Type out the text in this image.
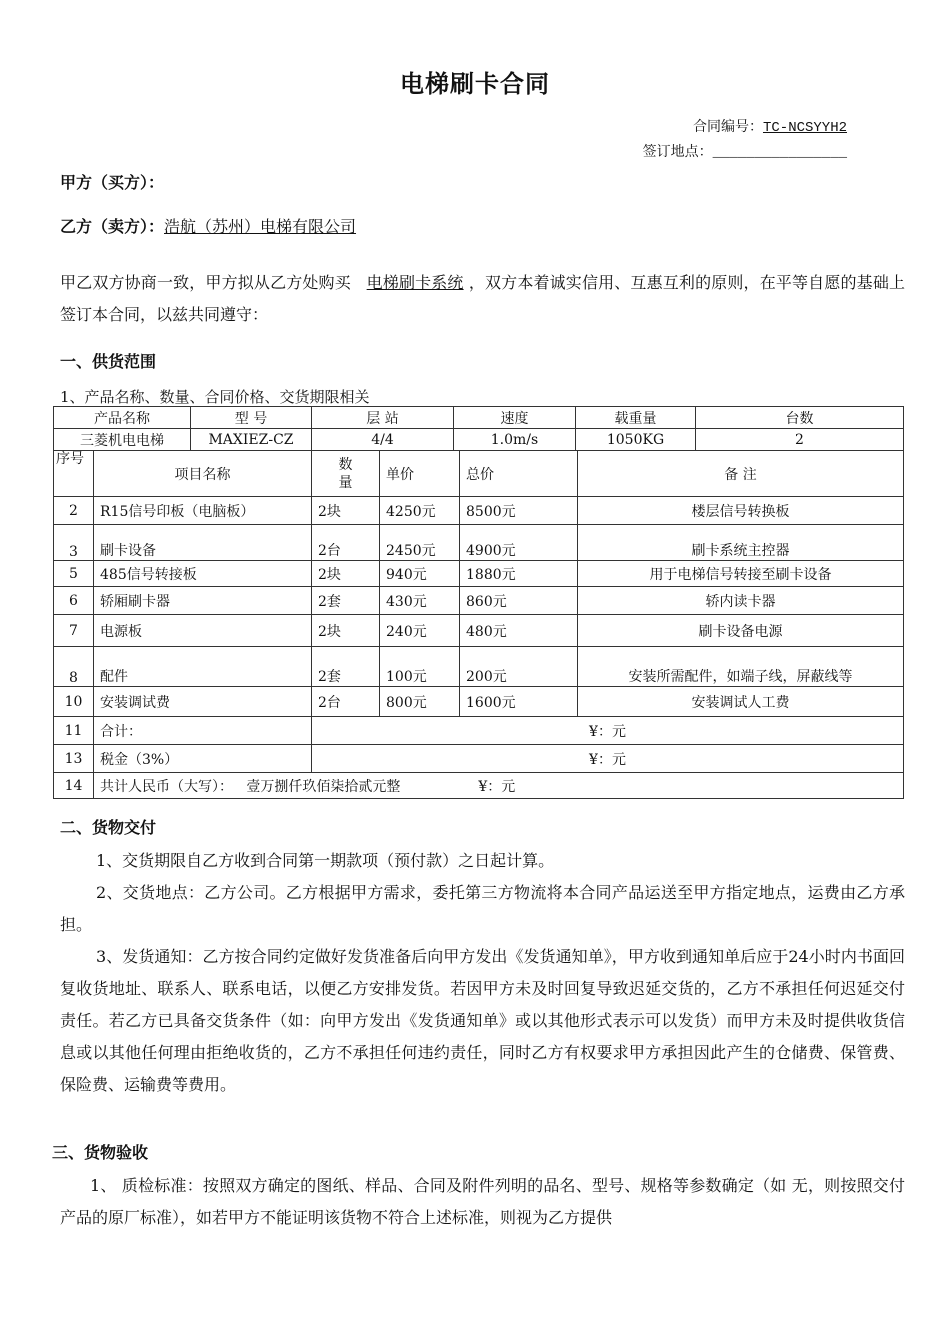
电梯刷卡合同
合同编号：TC-NCSYYH2
签订地点：________________
甲方（买方）：
乙方（卖方）：浩航（苏州）电梯有限公司
甲乙双方协商一致，甲方拟从乙方处购买 电梯刷卡系统 ，双方本着诚实信用、互惠互利的原则，在平等自愿的基础上签订本合同，以兹共同遵守：
一、供货范围
1、产品名称、数量、合同价格、交货期限相关
产品名称	型 号	层 站	速度	载重量	台数
三菱机电电梯	MAXIEZ-CZ	4/4	1.0m/s	1050KG	2
序号	项目名称	数量	单价	总价	备 注
2	R15信号印板（电脑板）	2块	4250元	8500元	楼层信号转换板
3	刷卡设备	2台	2450元	4900元	刷卡系统主控器
5	485信号转接板	2块	940元	1880元	用于电梯信号转接至刷卡设备
6	轿厢刷卡器	2套	430元	860元	轿内读卡器
7	电源板	2块	240元	480元	刷卡设备电源
8	配件	2套	100元	200元	安装所需配件，如端子线，屏蔽线等
10	安装调试费	2台	800元	1600元	安装调试人工费
11	合计：	¥：元			
13	税金（3%）	¥：元			
14	共计人民币（大写）： 壹万捌仟玖佰柒拾贰元整 ¥：元				
二、货物交付
1、交货期限自乙方收到合同第一期款项（预付款）之日起计算。
2、交货地点：乙方公司。乙方根据甲方需求，委托第三方物流将本合同产品运送至甲方指定地点，运费由乙方承担。
3、发货通知：乙方按合同约定做好发货准备后向甲方发出《发货通知单》，甲方收到通知单后应于24小时内书面回复收货地址、联系人、联系电话，以便乙方安排发货。若因甲方未及时回复导致迟延交货的，乙方不承担任何迟延交付责任。若乙方已具备交货条件（如：向甲方发出《发货通知单》或以其他形式表示可以发货）而甲方未及时提供收货信息或以其他任何理由拒绝收货的，乙方不承担任何违约责任，同时乙方有权要求甲方承担因此产生的仓储费、保管费、保险费、运输费等费用。
三、货物验收
1、 质检标准：按照双方确定的图纸、样品、合同及附件列明的品名、型号、规格等参数确定（如 无，则按照交付产品的原厂标准），如若甲方不能证明该货物不符合上述标准，则视为乙方提供
